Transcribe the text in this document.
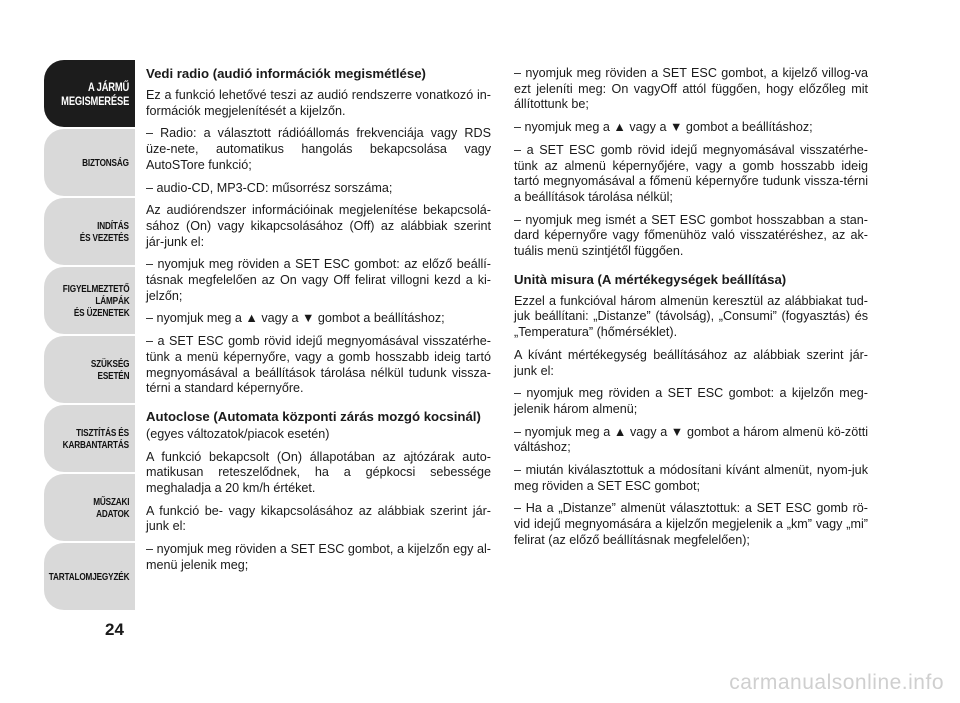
A JÁRMŰ
MEGISMERÉSE
BIZTONSÁG
INDÍTÁS
ÉS VEZETÉS
FIGYELMEZTETŐ
LÁMPÁK
ÉS ÜZENETEK
SZÜKSÉG
ESETÉN
TISZTÍTÁS ÉS
KARBANTARTÁS
MŰSZAKI
ADATOK
TARTALOMJEGYZÉK
24
Vedi radio (audió információk megismétlése)

Ez a funkció lehetővé teszi az audió rendszerre vonatkozó in-formációk megjelenítését a kijelzőn.

– Radio: a választott rádióállomás frekvenciája vagy RDS üze-nete, automatikus hangolás bekapcsolása vagy AutoSTore funkció;

– audio-CD, MP3-CD: műsorrész sorszáma;

Az audiórendszer információinak megjelenítése bekapcsolá-sához (On) vagy kikapcsolásához (Off) az alábbiak szerint jár-junk el:

– nyomjuk meg röviden a SET ESC gombot: az előző beállí-tásnak megfelelően az On vagy Off felirat villogni kezd a ki-jelzőn;

– nyomjuk meg a ▲ vagy a ▼ gombot a beállításhoz;

– a SET ESC gomb rövid idejű megnyomásával visszatérhe-tünk a menü képernyőre, vagy a gomb hosszabb ideig tartó megnyomásával a beállítások tárolása nélkül tudunk vissza-térni a standard képernyőre.

Autoclose (Automata központi zárás mozgó kocsinál)

(egyes változatok/piacok esetén)

A funkció bekapcsolt (On) állapotában az ajtózárak auto-matikusan reteszelődnek, ha a gépkocsi sebessége meghaladja a 20 km/h értéket.

A funkció be- vagy kikapcsolásához az alábbiak szerint jár-junk el:

– nyomjuk meg röviden a SET ESC gombot, a kijelzőn egy al-menü jelenik meg;

– nyomjuk meg röviden a SET ESC gombot, a kijelző villog-va ezt jeleníti meg: On vagyOff attól függően, hogy előzőleg mit állítottunk be;

– nyomjuk meg a ▲ vagy a ▼ gombot a beállításhoz;

– a SET ESC gomb rövid idejű megnyomásával visszatérhe-tünk az almenü képernyőjére, vagy a gomb hosszabb ideig tartó megnyomásával a főmenü képernyőre tudunk vissza-térni a beállítások tárolása nélkül;

– nyomjuk meg ismét a SET ESC gombot hosszabban a stan-dard képernyőre vagy főmenühöz való visszatéréshez, az ak-tuális menü szintjétől függően.

Unità misura (A mértékegységek beállítása)

Ezzel a funkcióval három almenün keresztül az alábbiakat tud-juk beállítani: „Distanze” (távolság), „Consumi” (fogyasztás) és „Temperatura” (hőmérséklet).

A kívánt mértékegység beállításához az alábbiak szerint jár-junk el:

– nyomjuk meg röviden a SET ESC gombot: a kijelzőn meg-jelenik három almenü;

– nyomjuk meg a ▲ vagy a ▼ gombot a három almenü kö-zötti váltáshoz;

– miután kiválasztottuk a módosítani kívánt almenüt, nyom-juk meg röviden a SET ESC gombot;

– Ha a „Distanze” almenüt választottuk: a SET ESC gomb rö-vid idejű megnyomására a kijelzőn megjelenik a „km” vagy „mi” felirat (az előző beállításnak megfelelően);

carmanualsonline.info
